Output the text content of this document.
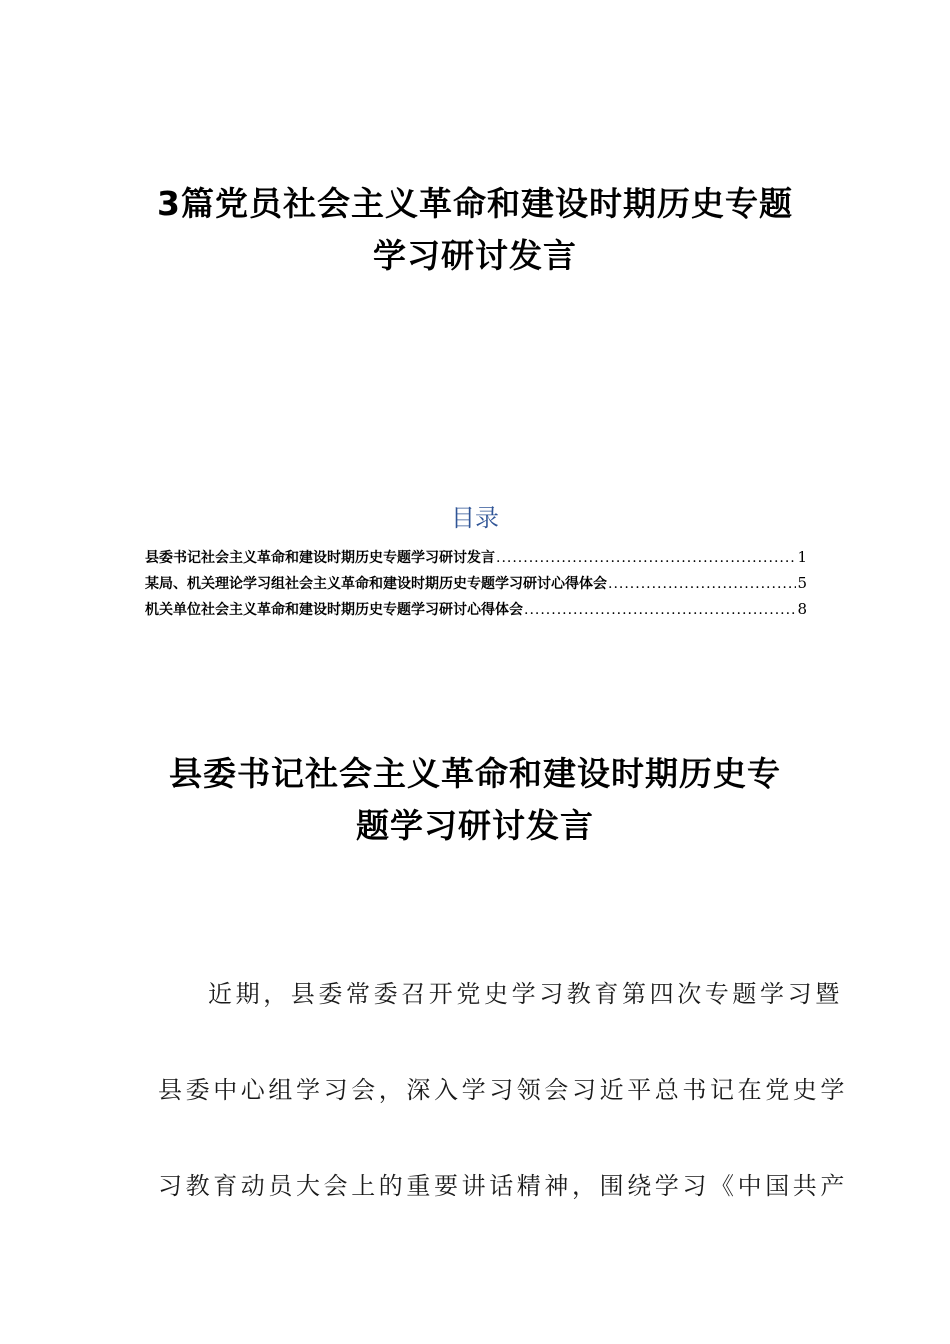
3篇党员社会主义革命和建设时期历史专题
学习研讨发言
目录
县委书记社会主义革命和建设时期历史专题学习研讨发言 .....	1
某局、机关理论学习组社会主义革命和建设时期历史专题学习研讨心得体会 .....	5
机关单位社会主义革命和建设时期历史专题学习研讨心得体会 .....	8
县委书记社会主义革命和建设时期历史专
题学习研讨发言
近期，县委常委召开党史学习教育第四次专题学习暨
县委中心组学习会，深入学习领会习近平总书记在党史学
习教育动员大会上的重要讲话精神，围绕学习《中国共产
